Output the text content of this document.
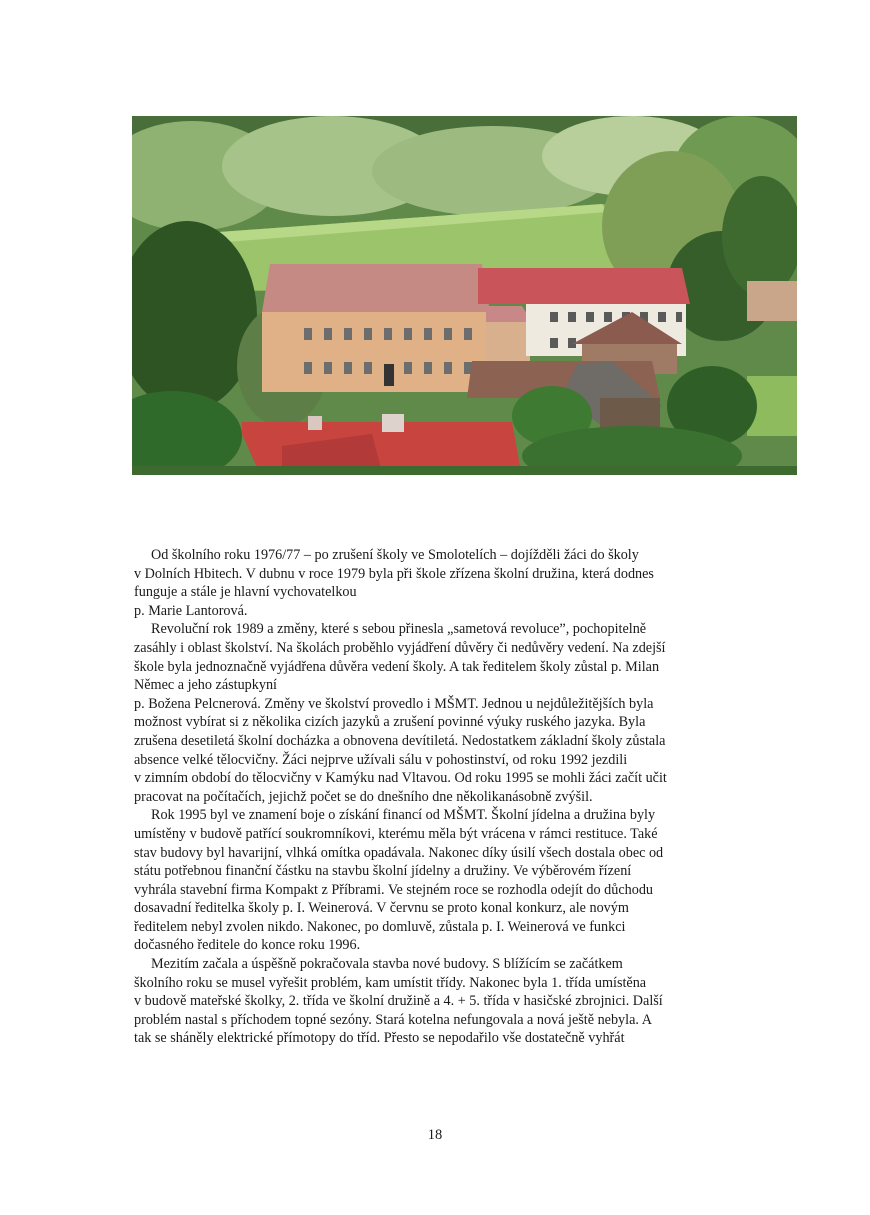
Od školního roku 1976/77 – po zrušení školy ve Smolotelích – dojížděli žáci do školy
v Dolních Hbitech. V dubnu v roce 1979 byla při škole zřízena školní družina, která dodnes
funguje a stále je hlavní vychovatelkou
p. Marie Lantorová.

Revoluční rok 1989 a změny, které s sebou přinesla „sametová revoluce”, pochopitelně
zasáhly i oblast školství. Na školách proběhlo vyjádření důvěry či nedůvěry vedení. Na zdejší
škole byla jednoznačně vyjádřena důvěra vedení školy. A tak ředitelem školy zůstal p. Milan
Němec a jeho zástupkyní
p. Božena Pelcnerová. Změny ve školství provedlo i MŠMT. Jednou u nejdůležitějších byla
možnost vybírat si z několika cizích jazyků a zrušení povinné výuky ruského jazyka. Byla
zrušena desetiletá školní docházka a obnovena devítiletá. Nedostatkem základní školy zůstala
absence velké tělocvičny. Žáci nejprve užívali sálu v pohostinství, od roku 1992 jezdili
v zimním období do tělocvičny v Kamýku nad Vltavou. Od roku 1995 se mohli žáci začít učit
pracovat na počítačích, jejichž počet se do dnešního dne několikanásobně zvýšil.

Rok 1995 byl ve znamení boje o získání financí od MŠMT. Školní jídelna a družina byly
umístěny v budově patřící soukromníkovi, kterému měla být vrácena v rámci restituce. Také
stav budovy byl havarijní, vlhká omítka opadávala. Nakonec díky úsilí všech dostala obec od
státu potřebnou finanční částku na stavbu školní jídelny a družiny. Ve výběrovém řízení
vyhrála stavební firma Kompakt z Příbrami. Ve stejném roce se rozhodla odejít do důchodu
dosavadní ředitelka školy p. I. Weinerová. V červnu se proto konal konkurz, ale novým
ředitelem nebyl zvolen nikdo. Nakonec, po domluvě, zůstala p. I. Weinerová ve funkci
dočasného ředitele do konce roku 1996.

Mezitím začala a úspěšně pokračovala stavba nové budovy. S blížícím se začátkem
školního roku se musel vyřešit problém, kam umístit třídy. Nakonec byla 1. třída umístěna
v budově mateřské školky, 2. třída ve školní družině a 4. + 5. třída v hasičské zbrojnici. Další
problém nastal s příchodem topné sezóny. Stará kotelna nefungovala a nová ještě nebyla. A
tak se sháněly elektrické přímotopy do tříd. Přesto se nepodařilo vše dostatečně vyhřát

18
